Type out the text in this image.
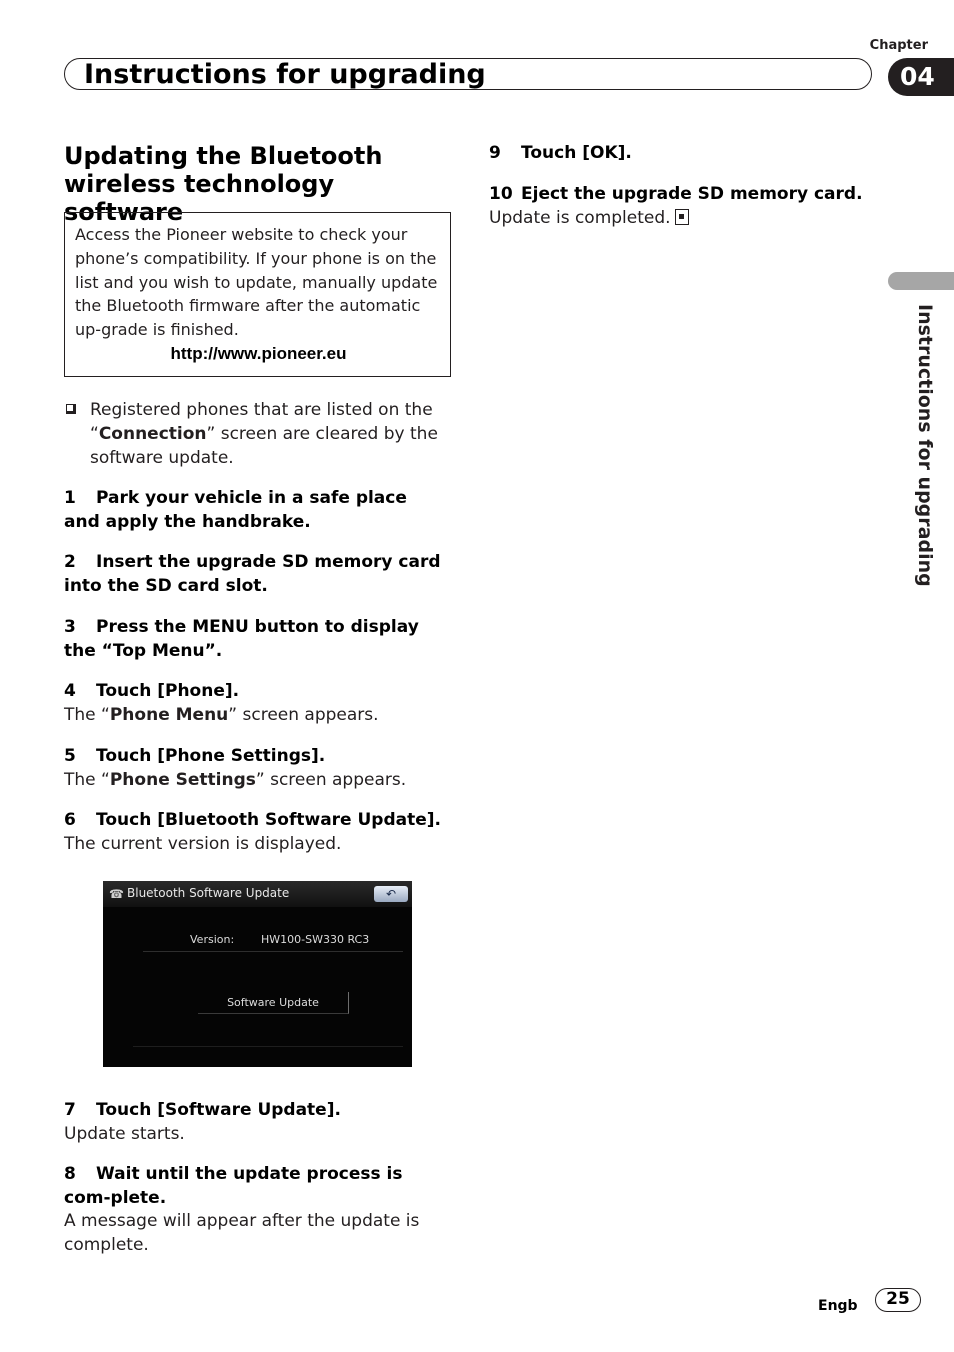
Chapter
Instructions for upgrading	04
Instructions for upgrading
Updating the Bluetooth wireless technology software
Access the Pioneer website to check your phone’s compatibility. If your phone is on the list and you wish to update, manually update the Bluetooth firmware after the automatic up-grade is finished.
http://www.pioneer.eu
Registered phones that are listed on the “Connection” screen are cleared by the software update.
1 Park your vehicle in a safe place and apply the handbrake.
2 Insert the upgrade SD memory card into the SD card slot.
3 Press the MENU button to display the “Top Menu”.
4 Touch [Phone].
The “Phone Menu” screen appears.
5 Touch [Phone Settings].
The “Phone Settings” screen appears.
6 Touch [Bluetooth Software Update].
The current version is displayed.
☎ Bluetooth Software Update	↶
Version: HW100-SW330 RC3
Software Update
7 Touch [Software Update].
Update starts.
8 Wait until the update process is com-plete.
A message will appear after the update is complete.
9 Touch [OK].
10 Eject the upgrade SD memory card.
Update is completed.
Engb	25
